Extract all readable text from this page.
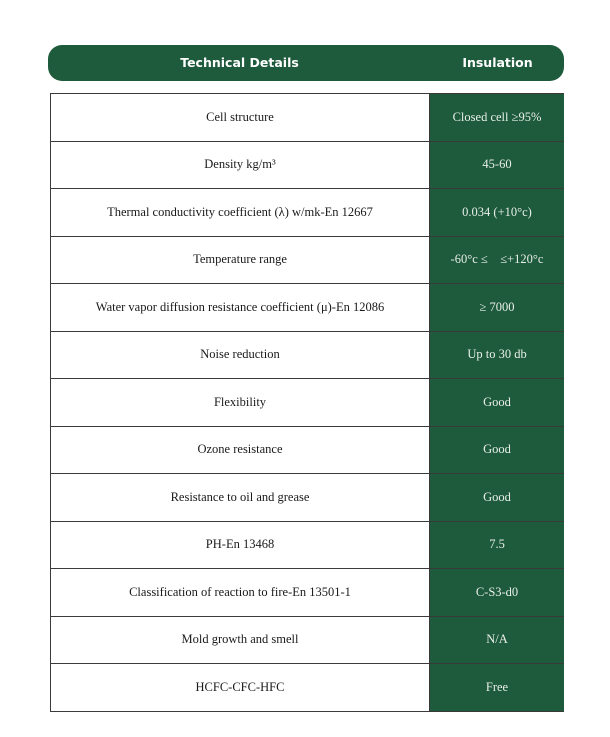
Technical Details	Insulation
Cell structure	Closed cell ≥95%
Density kg/m³	45-60
Thermal conductivity coefficient (λ) w/mk-En 12667	0.034 (+10°c)
Temperature range	-60°c ≤    ≤+120°c
Water vapor diffusion resistance coefficient (μ)-En 12086	≥ 7000
Noise reduction	Up to 30 db
Flexibility	Good
Ozone resistance	Good
Resistance to oil and grease	Good
PH-En 13468	7.5
Classification of reaction to fire-En 13501-1	C-S3-d0
Mold growth and smell	N/A
HCFC-CFC-HFC	Free
